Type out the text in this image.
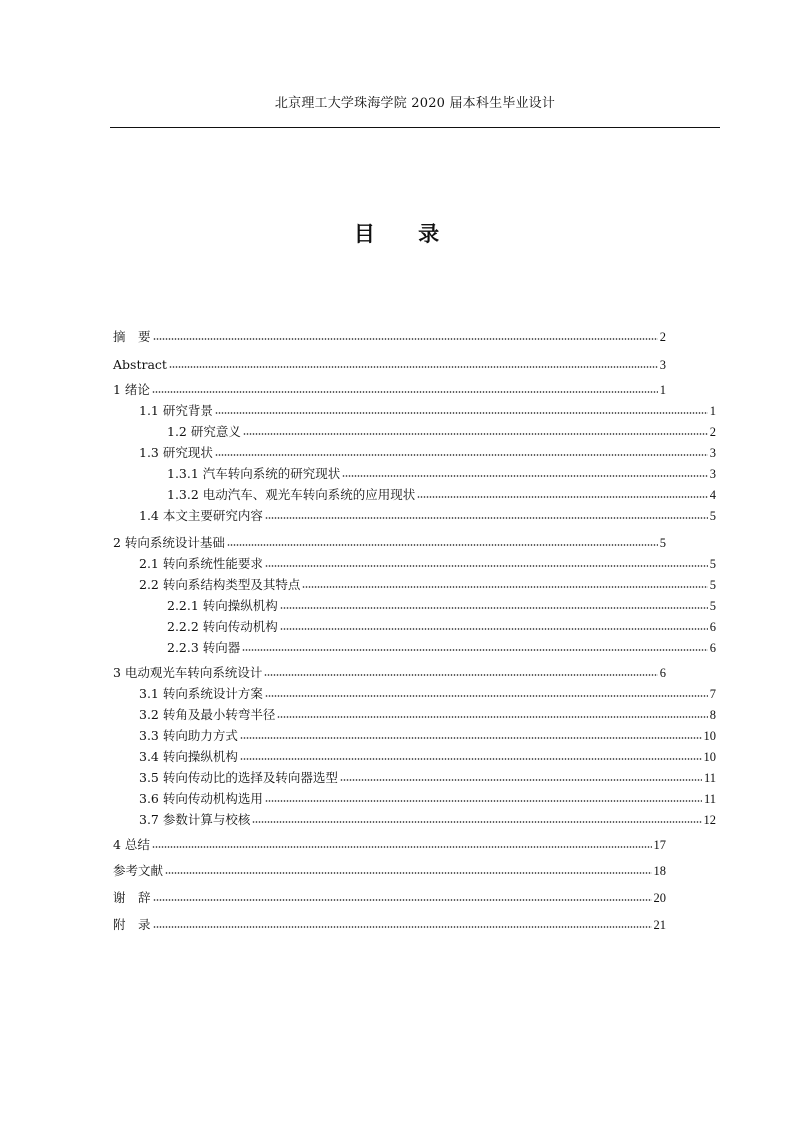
北京理工大学珠海学院 2020 届本科生毕业设计
目 录
摘　要	2
Abstract	3
1 绪论	1
1.1 研究背景	1
1.2 研究意义	2
1.3 研究现状	3
1.3.1 汽车转向系统的研究现状	3
1.3.2 电动汽车、观光车转向系统的应用现状	4
1.4 本文主要研究内容	5
2 转向系统设计基础	5
2.1 转向系统性能要求	5
2.2 转向系结构类型及其特点	5
2.2.1 转向操纵机构	5
2.2.2 转向传动机构	6
2.2.3 转向器	6
3 电动观光车转向系统设计	6
3.1 转向系统设计方案	7
3.2 转角及最小转弯半径	8
3.3 转向助力方式	10
3.4 转向操纵机构	10
3.5 转向传动比的选择及转向器选型	11
3.6 转向传动机构选用	11
3.7 参数计算与校核	12
4 总结	17
参考文献	18
谢　辞	20
附　录	21
